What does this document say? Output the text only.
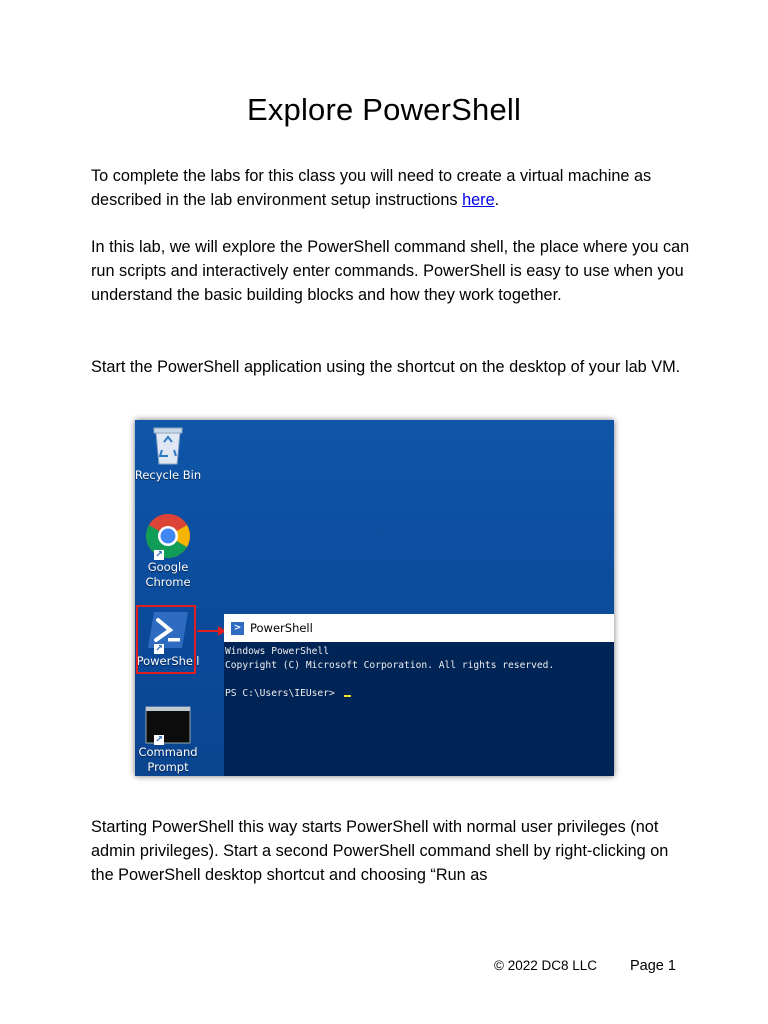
Explore PowerShell

To complete the labs for this class you will need to create a virtual machine as described in the lab environment setup instructions here.

In this lab, we will explore the PowerShell command shell, the place where you can run scripts and interactively enter commands. PowerShell is easy to use when you understand the basic building blocks and how they work together.

Start the PowerShell application using the shortcut on the desktop of your lab VM.

Recycle Bin
↗
Google Chrome
↗
PowerShell
↗
Command Prompt
> PowerShell
Windows PowerShell
Copyright (C) Microsoft Corporation. All rights reserved.
PS C:\Users\IEUser>

Starting PowerShell this way starts PowerShell with normal user privileges (not admin privileges). Start a second PowerShell command shell by right-clicking on the PowerShell desktop shortcut and choosing “Run as

© 2022 DC8 LLC Page 1
